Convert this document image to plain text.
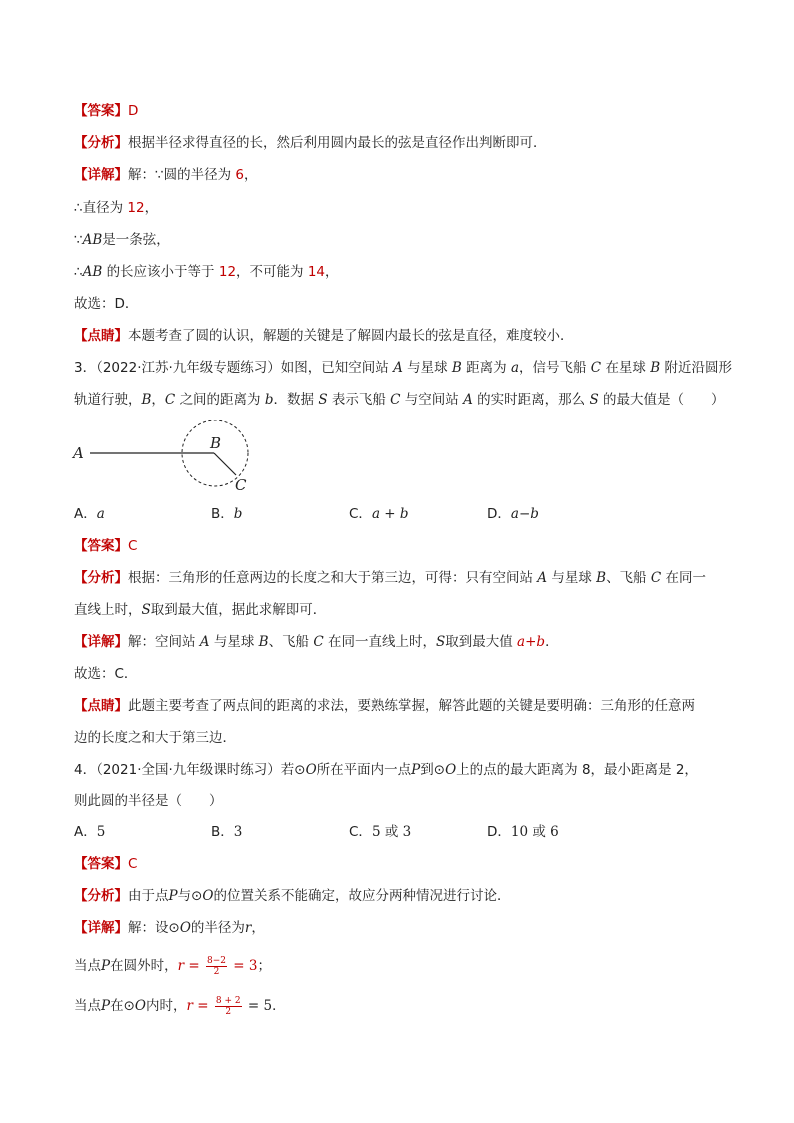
【答案】D
【分析】根据半径求得直径的长，然后利用圆内最长的弦是直径作出判断即可．
【详解】解：∵圆的半径为 6，
∴直径为 12，
∵AB是一条弦，
∴AB 的长应该小于等于 12，不可能为 14，
故选：D．
【点睛】本题考查了圆的认识，解题的关键是了解圆内最长的弦是直径，难度较小．
3．（2022·江苏·九年级专题练习）如图，已知空间站 A 与星球 B 距离为 a，信号飞船 C 在星球 B 附近沿圆形
轨道行驶，B，C 之间的距离为 b．数据 S 表示飞船 C 与空间站 A 的实时距离，那么 S 的最大值是（　　）
A
B
C
A．a	B．b	C．a + b	D．a−b
【答案】C
【分析】根据：三角形的任意两边的长度之和大于第三边，可得：只有空间站 A 与星球 B、飞船 C 在同一
直线上时，S取到最大值，据此求解即可．
【详解】解：空间站 A 与星球 B、飞船 C 在同一直线上时，S取到最大值 a+b．
故选：C．
【点睛】此题主要考查了两点间的距离的求法，要熟练掌握，解答此题的关键是要明确：三角形的任意两
边的长度之和大于第三边．
4．（2021·全国·九年级课时练习）若⊙O所在平面内一点P到⊙O上的点的最大距离为 8，最小距离是 2，
则此圆的半径是（　　）
A．5	B．3	C．5 或 3	D．10 或 6
【答案】C
【分析】由于点P与⊙O的位置关系不能确定，故应分两种情况进行讨论．
【详解】解：设⊙O的半径为r，
当点P在圆外时，$r = \frac{8-2}{2} = 3$；
当点P在⊙O内时，$r = \frac{8 + 2}{2} = 5$．
